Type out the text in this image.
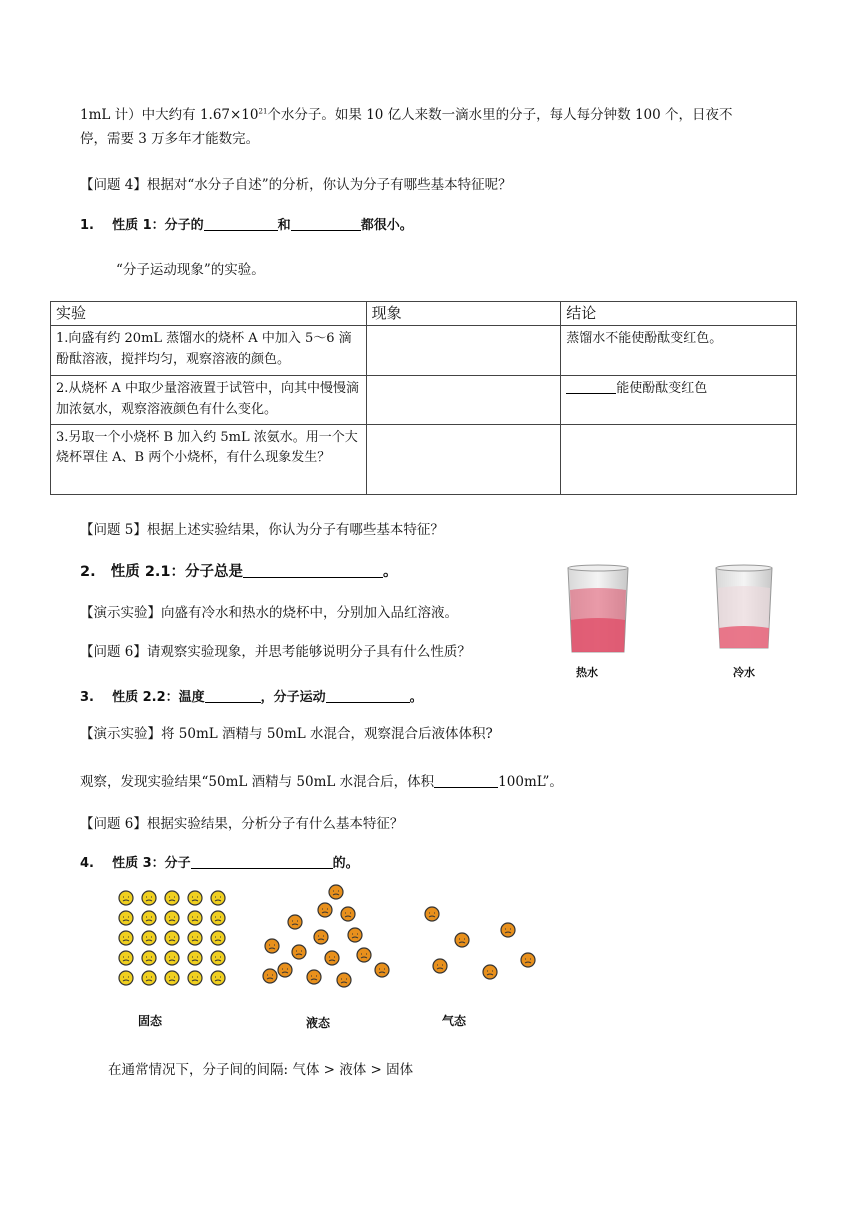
1mL 计）中大约有 $1.67\times 10^{21}$个水分子。如果 10 亿人来数一滴水里的分子，每人每分钟数 100 个，日夜不
停，需要 3 万多年才能数完。
【问题 4】根据对“水分子自述”的分析，你认为分子有哪些基本特征呢？
1. 性质 1：分子的	和	都很小。
“分子运动现象”的实验。
实验	现象	结论
1.向盛有约 20mL 蒸馏水的烧杯 A 中加入 5～6 滴酚酞溶液，搅拌均匀，观察溶液的颜色。		蒸馏水不能使酚酞变红色。
2.从烧杯 A 中取少量溶液置于试管中，向其中慢慢滴加浓氨水，观察溶液颜色有什么变化。		能使酚酞变红色
3.另取一个小烧杯 B 加入约 5mL 浓氨水。用一个大烧杯罩住 A、B 两个小烧杯，有什么现象发生？		
【问题 5】根据上述实验结果，你认为分子有哪些基本特征？
2. 性质 2.1：分子总是	。
【演示实验】向盛有冷水和热水的烧杯中，分别加入品红溶液。
【问题 6】请观察实验现象，并思考能够说明分子具有什么性质？
热水	冷水
3. 性质 2.2：温度	，分子运动	。
【演示实验】将 50mL 酒精与 50mL 水混合，观察混合后液体体积?
观察，发现实验结果“50mL 酒精与 50mL 水混合后，体积	100mL”。
【问题 6】根据实验结果，分析分子有什么基本特征？
4. 性质 3：分子	的。
固态	液态	气态
在通常情况下，分子间的间隔: 气体 > 液体 > 固体
